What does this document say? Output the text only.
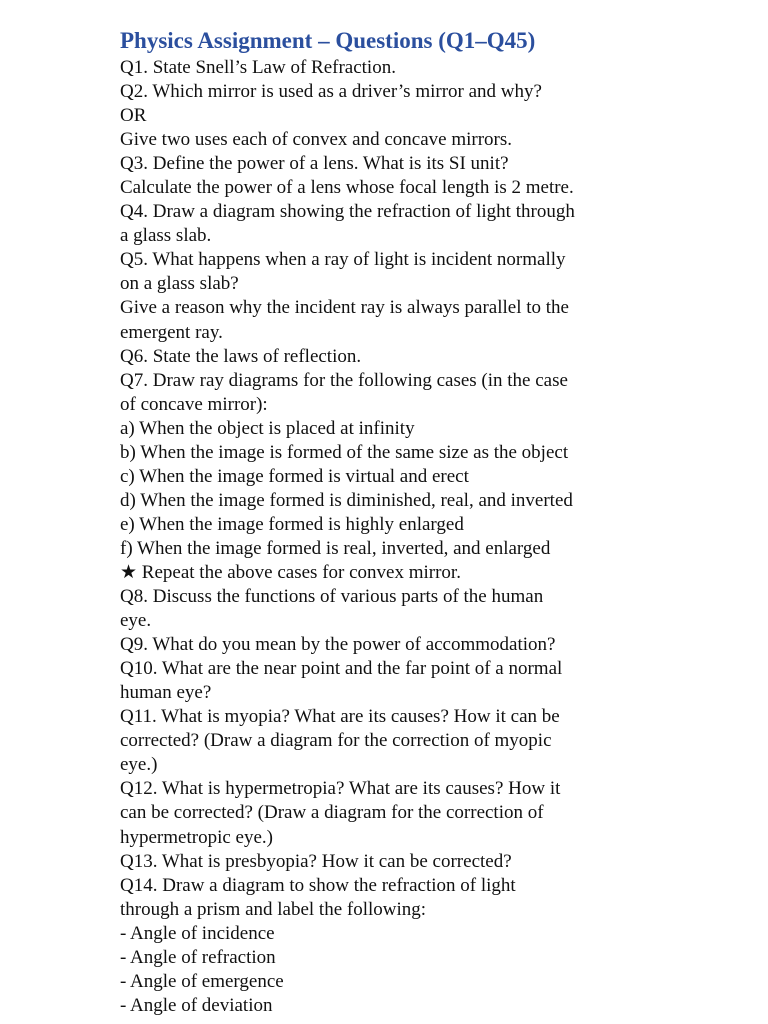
Physics Assignment – Questions (Q1–Q45)
Q1. State Snell’s Law of Refraction.
Q2. Which mirror is used as a driver’s mirror and why?
OR
Give two uses each of convex and concave mirrors.
Q3. Define the power of a lens. What is its SI unit?
Calculate the power of a lens whose focal length is 2 metre.
Q4. Draw a diagram showing the refraction of light through
a glass slab.
Q5. What happens when a ray of light is incident normally
on a glass slab?
Give a reason why the incident ray is always parallel to the
emergent ray.
Q6. State the laws of reflection.
Q7. Draw ray diagrams for the following cases (in the case
of concave mirror):
a) When the object is placed at infinity
b) When the image is formed of the same size as the object
c) When the image formed is virtual and erect
d) When the image formed is diminished, real, and inverted
e) When the image formed is highly enlarged
f) When the image formed is real, inverted, and enlarged
★ Repeat the above cases for convex mirror.
Q8. Discuss the functions of various parts of the human
eye.
Q9. What do you mean by the power of accommodation?
Q10. What are the near point and the far point of a normal
human eye?
Q11. What is myopia? What are its causes? How it can be
corrected? (Draw a diagram for the correction of myopic
eye.)
Q12. What is hypermetropia? What are its causes? How it
can be corrected? (Draw a diagram for the correction of
hypermetropic eye.)
Q13. What is presbyopia? How it can be corrected?
Q14. Draw a diagram to show the refraction of light
through a prism and label the following:
- Angle of incidence
- Angle of refraction
- Angle of emergence
- Angle of deviation
